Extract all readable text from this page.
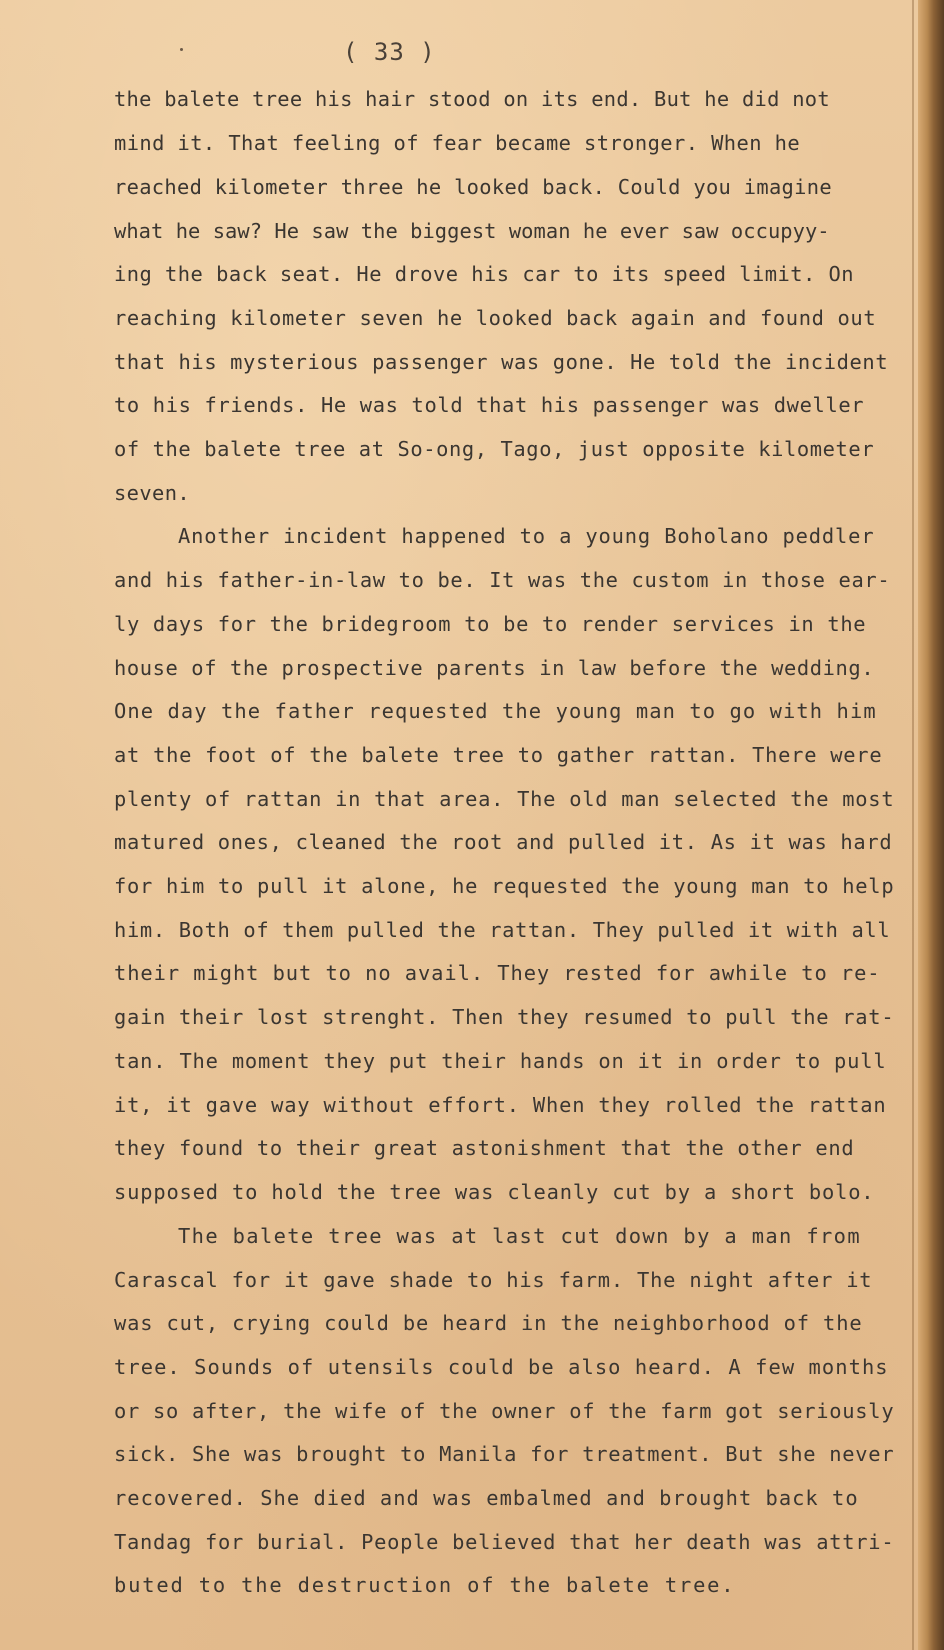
( 33 )
the balete tree his hair stood on its end. But he did not
mind it. That feeling of fear became stronger. When he
reached kilometer three he looked back. Could you imagine
what he saw? He saw the biggest woman he ever saw occupyy-
ing the back seat. He drove his car to its speed limit. On
reaching kilometer seven he looked back again and found out
that his mysterious passenger was gone. He told the incident
to his friends. He was told that his passenger was dweller
of the balete tree at So-ong, Tago, just opposite kilometer
seven.
Another incident happened to a young Boholano peddler
and his father-in-law to be. It was the custom in those ear-
ly days for the bridegroom to be to render services in the
house of the prospective parents in law before the wedding.
One day the father requested the young man to go with him
at the foot of the balete tree to gather rattan. There were
plenty of rattan in that area. The old man selected the most
matured ones, cleaned the root and pulled it. As it was hard
for him to pull it alone, he requested the young man to help
him. Both of them pulled the rattan. They pulled it with all
their might but to no avail. They rested for awhile to re-
gain their lost strenght. Then they resumed to pull the rat-
tan. The moment they put their hands on it in order to pull
it, it gave way without effort. When they rolled the rattan
they found to their great astonishment that the other end
supposed to hold the tree was cleanly cut by a short bolo.
The balete tree was at last cut down by a man from
Carascal for it gave shade to his farm. The night after it
was cut, crying could be heard in the neighborhood of the
tree. Sounds of utensils could be also heard. A few months
or so after, the wife of the owner of the farm got seriously
sick. She was brought to Manila for treatment. But she never
recovered. She died and was embalmed and brought back to
Tandag for burial. People believed that her death was attri-
buted to the destruction of the balete tree.
